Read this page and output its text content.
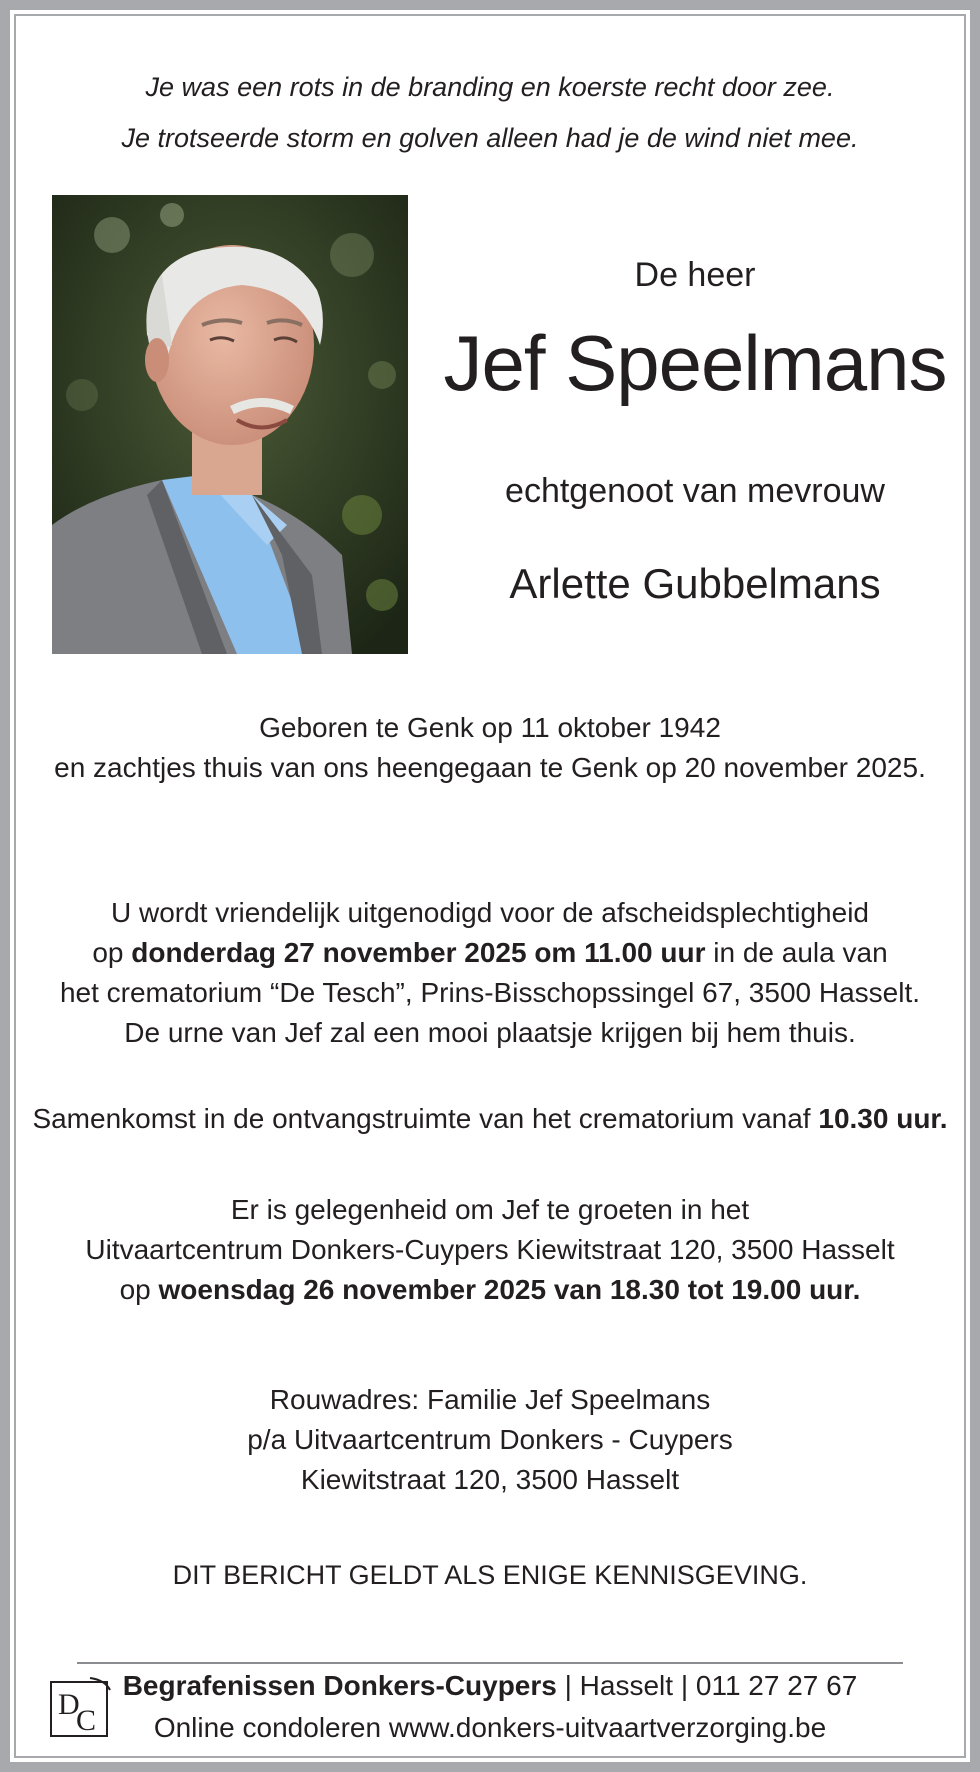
Je was een rots in de branding en koerste recht door zee.
Je trotseerde storm en golven alleen had je de wind niet mee.
De heer
Jef Speelmans
echtgenoot van mevrouw
Arlette Gubbelmans
Geboren te Genk op 11 oktober 1942
en zachtjes thuis van ons heengegaan te Genk op 20 november 2025.
U wordt vriendelijk uitgenodigd voor de afscheidsplechtigheid
op donderdag 27 november 2025 om 11.00 uur in de aula van
het crematorium “De Tesch”, Prins-Bisschopssingel 67, 3500 Hasselt.
De urne van Jef zal een mooi plaatsje krijgen bij hem thuis.
Samenkomst in de ontvangstruimte van het crematorium vanaf 10.30 uur.
Er is gelegenheid om Jef te groeten in het
Uitvaartcentrum Donkers-Cuypers Kiewitstraat 120, 3500 Hasselt
op woensdag 26 november 2025 van 18.30 tot 19.00 uur.
Rouwadres: Familie Jef Speelmans
p/a Uitvaartcentrum Donkers - Cuypers
Kiewitstraat 120, 3500 Hasselt
DIT BERICHT GELDT ALS ENIGE KENNISGEVING.
D
C
Begrafenissen Donkers-Cuypers | Hasselt | 011 27 27 67
Online condoleren www.donkers-uitvaartverzorging.be
